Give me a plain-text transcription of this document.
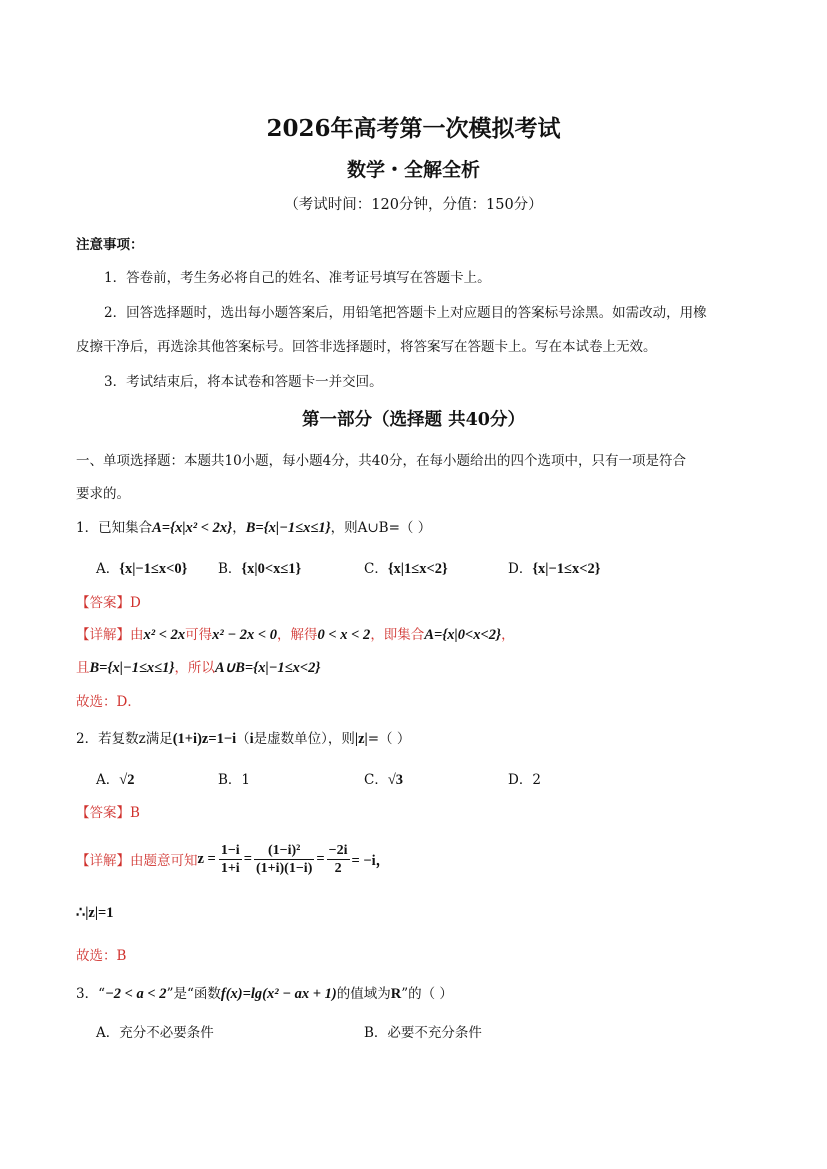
2026年高考第一次模拟考试
数学・全解全析
（考试时间：120分钟，分值：150分）
注意事项：
1．答卷前，考生务必将自己的姓名、准考证号填写在答题卡上。
2．回答选择题时，选出每小题答案后，用铅笔把答题卡上对应题目的答案标号涂黑。如需改动，用橡
皮擦干净后，再选涂其他答案标号。回答非选择题时，将答案写在答题卡上。写在本试卷上无效。
3．考试结束后，将本试卷和答题卡一并交回。
第一部分（选择题 共40分）
一、单项选择题：本题共10小题，每小题4分，共40分，在每小题给出的四个选项中，只有一项是符合
要求的。
1．已知集合A={x|x² < 2x}，B={x|−1≤x≤1}，则A∪B=（ ）
A．{x|−1≤x<0} B．{x|0<x≤1}	C．{x|1≤x<2}	D．{x|−1≤x<2}
【答案】D
【详解】由x² < 2x可得x² − 2x < 0，解得0 < x < 2，即集合A={x|0<x<2}，
且B={x|−1≤x≤1}，所以A∪B={x|−1≤x<2}
故选：D．
2．若复数z满足(1+i)z=1−i（i是虚数单位），则|z|=（ ）
A．√2	B．1	C．√3	D．2
【答案】B
【详解】 由题意可知 $z = \frac{1-i}{1+i} = \frac{\text{(1−i)²}}{(1+i)(1-i)} = \frac{-2i}{2} = -i$，
∴|z|=1
故选：B
3．“−2 < a < 2”是“函数f(x)=lg(x² − ax + 1)的值域为R”的（ ）
A．充分不必要条件	B．必要不充分条件
